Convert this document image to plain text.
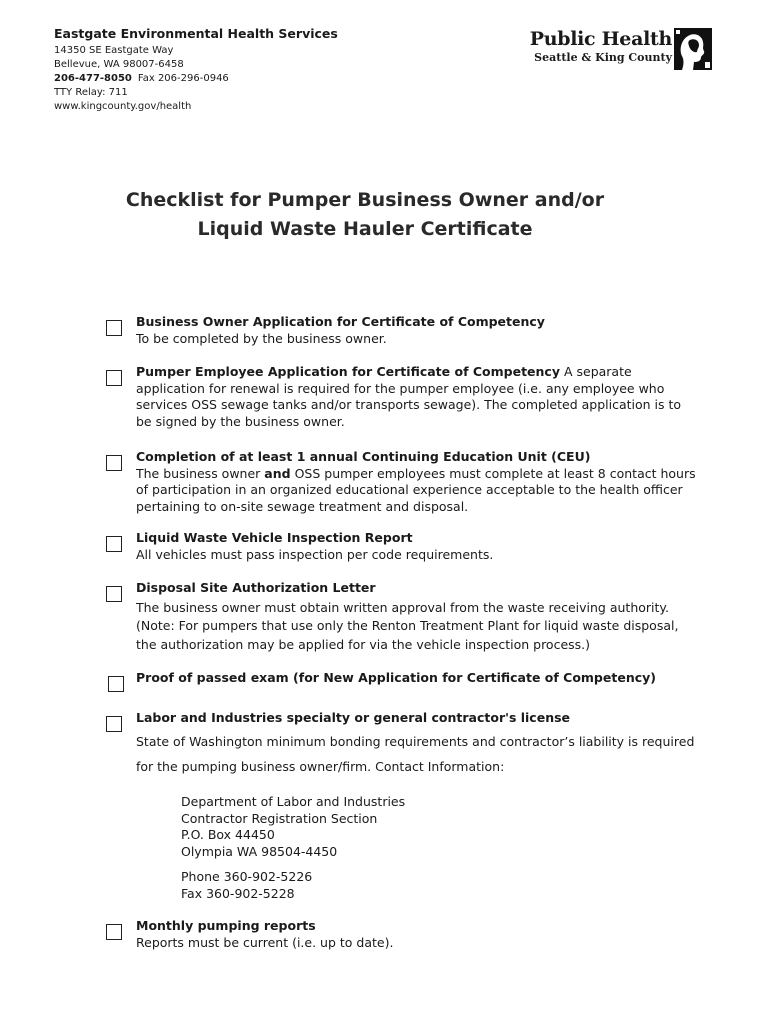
Eastgate Environmental Health Services
14350 SE Eastgate Way
Bellevue, WA 98007-6458
206-477-8050 Fax 206-296-0946
TTY Relay: 711
www.kingcounty.gov/health
Public Health
Seattle & King County
Checklist for Pumper Business Owner and/or
Liquid Waste Hauler Certificate
Business Owner Application for Certificate of Competency
To be completed by the business owner.
Pumper Employee Application for Certificate of Competency A separate application for renewal is required for the pumper employee (i.e. any employee who services OSS sewage tanks and/or transports sewage). The completed application is to be signed by the business owner.
Completion of at least 1 annual Continuing Education Unit (CEU)
The business owner and OSS pumper employees must complete at least 8 contact hours of participation in an organized educational experience acceptable to the health officer pertaining to on-site sewage treatment and disposal.
Liquid Waste Vehicle Inspection Report
All vehicles must pass inspection per code requirements.
Disposal Site Authorization Letter
The business owner must obtain written approval from the waste receiving authority. (Note: For pumpers that use only the Renton Treatment Plant for liquid waste disposal, the authorization may be applied for via the vehicle inspection process.)
Proof of passed exam (for New Application for Certificate of Competency)
Labor and Industries specialty or general contractor's license
State of Washington minimum bonding requirements and contractor’s liability is required for the pumping business owner/firm. Contact Information:
Department of Labor and Industries
Contractor Registration Section
P.O. Box 44450
Olympia WA 98504-4450
Phone 360-902-5226
Fax 360-902-5228
Monthly pumping reports
Reports must be current (i.e. up to date).
